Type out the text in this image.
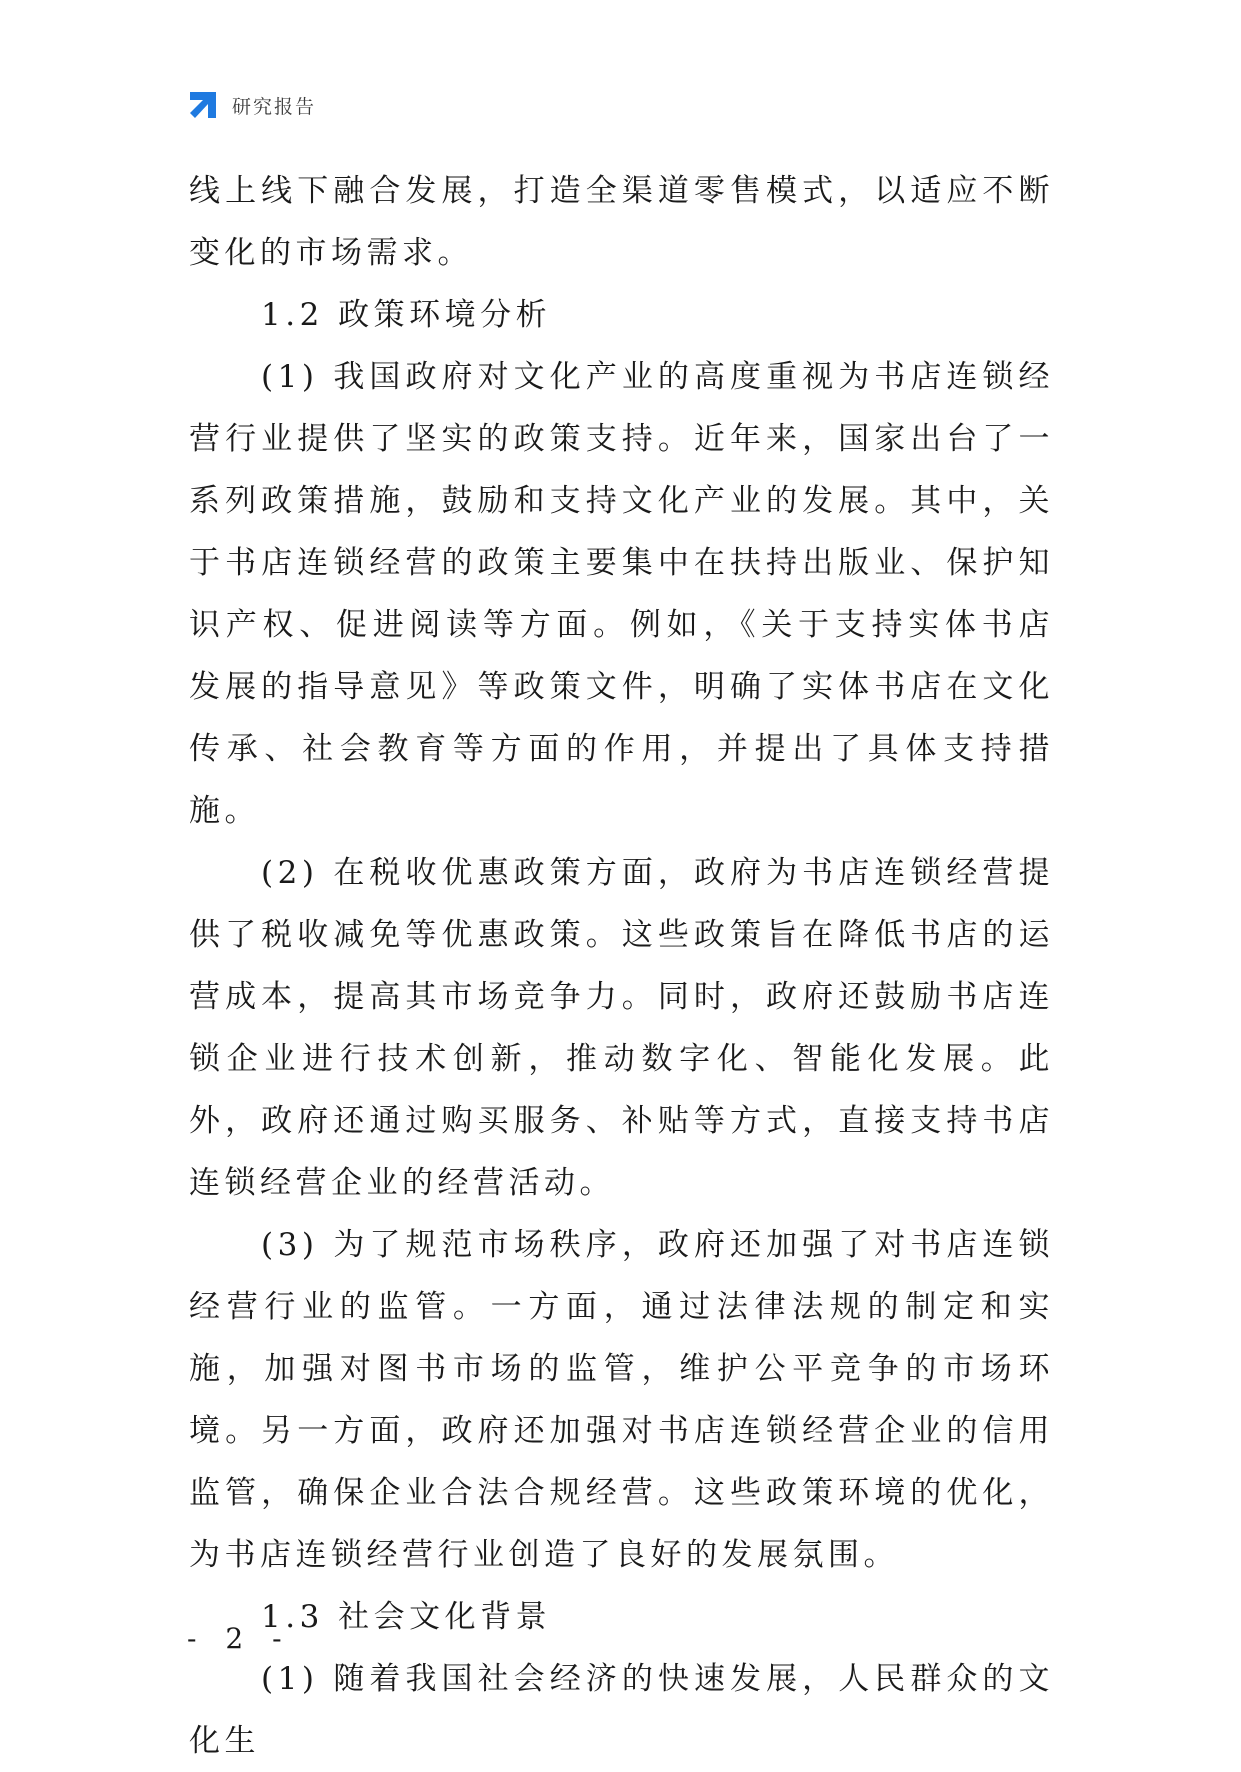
研究报告

线上线下融合发展，打造全渠道零售模式，以适应不断变化的市场需求。

1.2 政策环境分析

(1) 我国政府对文化产业的高度重视为书店连锁经营行业提供了坚实的政策支持。近年来，国家出台了一系列政策措施，鼓励和支持文化产业的发展。其中，关于书店连锁经营的政策主要集中在扶持出版业、保护知识产权、促进阅读等方面。例如，《关于支持实体书店发展的指导意见》等政策文件，明确了实体书店在文化传承、社会教育等方面的作用，并提出了具体支持措施。

(2) 在税收优惠政策方面，政府为书店连锁经营提供了税收减免等优惠政策。这些政策旨在降低书店的运营成本，提高其市场竞争力。同时，政府还鼓励书店连锁企业进行技术创新，推动数字化、智能化发展。此外，政府还通过购买服务、补贴等方式，直接支持书店连锁经营企业的经营活动。

(3) 为了规范市场秩序，政府还加强了对书店连锁经营行业的监管。一方面，通过法律法规的制定和实施，加强对图书市场的监管，维护公平竞争的市场环境。另一方面，政府还加强对书店连锁经营企业的信用监管，确保企业合法合规经营。这些政策环境的优化，为书店连锁经营行业创造了良好的发展氛围。

1.3 社会文化背景

(1) 随着我国社会经济的快速发展，人民群众的文化生

- 2 -
